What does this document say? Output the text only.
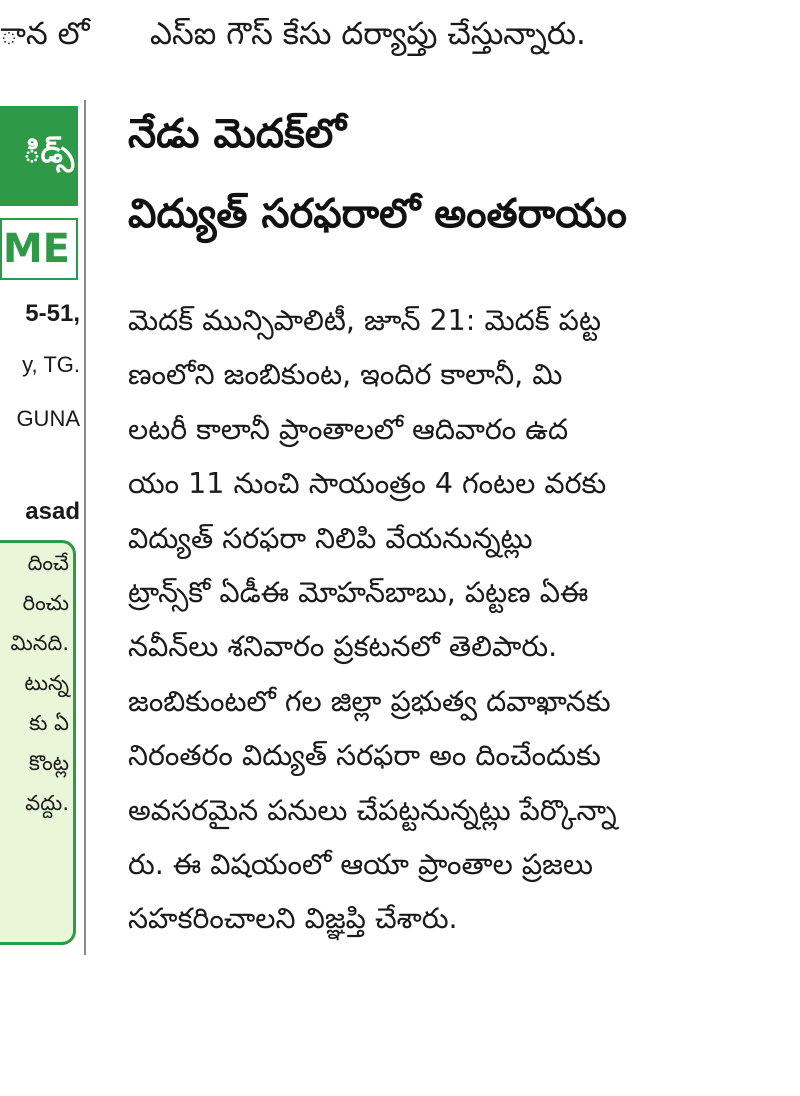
ాన లో	ఎస్ఐ గౌస్ కేసు దర్యాప్తు చేస్తున్నారు.
ిడ్స్
ME
5-51,
y, TG.
GUNA
asad
దించే
రించు
మినది.
టున్న
కు ఏ
కొంట్ల
వద్దు.
నేడు మెదక్‌లో
విద్యుత్ సరఫరాలో అంతరాయం
మెదక్ మున్సిపాలిటీ, జూన్ 21: మెదక్ పట్ట
ణంలోని జంబికుంట, ఇందిర కాలానీ, మి
లటరీ కాలానీ ప్రాంతాలలో ఆదివారం ఉద
యం 11 నుంచి సాయంత్రం 4 గంటల వరకు
విద్యుత్ సరఫరా నిలిపి వేయనున్నట్లు
ట్రాన్స్‌కో ఏడీఈ మోహన్‌బాబు, పట్టణ ఏఈ
నవీన్‌లు శనివారం ప్రకటనలో తెలిపారు.
జంబికుంటలో గల జిల్లా ప్రభుత్వ దవాఖానకు
నిరంతరం విద్యుత్ సరఫరా అం దించేందుకు
అవసరమైన పనులు చేపట్టనున్నట్లు పేర్కొన్నా
రు. ఈ విషయంలో ఆయా ప్రాంతాల ప్రజలు
సహకరించాలని విజ్ఞప్తి చేశారు.
